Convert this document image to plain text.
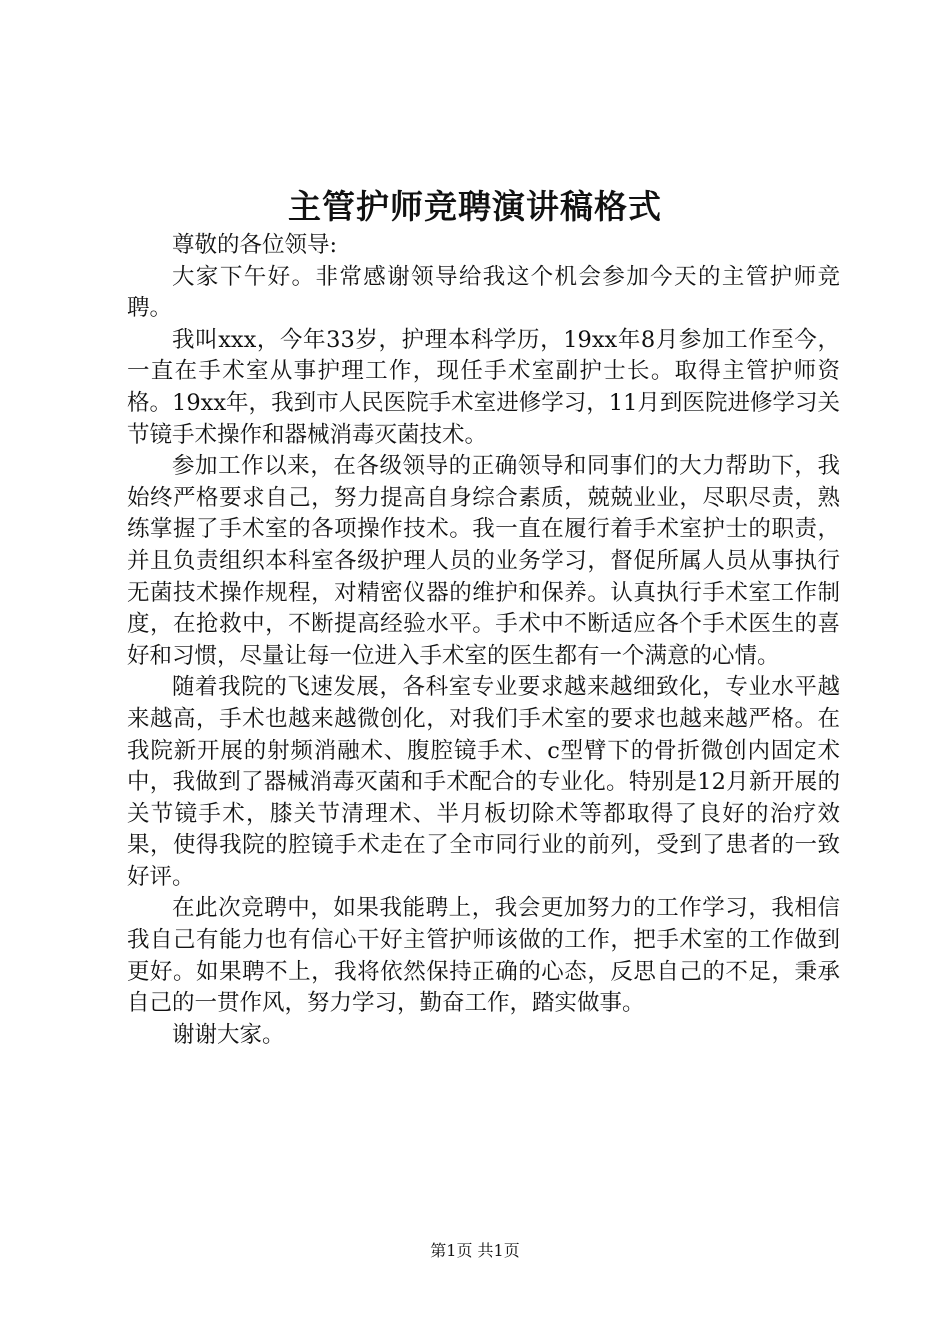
主管护师竞聘演讲稿格式

尊敬的各位领导:

大家下午好。非常感谢领导给我这个机会参加今天的主管护师竞聘。

我叫xxx，今年33岁，护理本科学历，19xx年8月参加工作至今，一直在手术室从事护理工作，现任手术室副护士长。取得主管护师资格。19xx年，我到市人民医院手术室进修学习，11月到医院进修学习关节镜手术操作和器械消毒灭菌技术。

参加工作以来，在各级领导的正确领导和同事们的大力帮助下，我始终严格要求自己，努力提高自身综合素质，兢兢业业，尽职尽责，熟练掌握了手术室的各项操作技术。我一直在履行着手术室护士的职责，并且负责组织本科室各级护理人员的业务学习，督促所属人员从事执行无菌技术操作规程，对精密仪器的维护和保养。认真执行手术室工作制度，在抢救中，不断提高经验水平。手术中不断适应各个手术医生的喜好和习惯，尽量让每一位进入手术室的医生都有一个满意的心情。

随着我院的飞速发展，各科室专业要求越来越细致化，专业水平越来越高，手术也越来越微创化，对我们手术室的要求也越来越严格。在我院新开展的射频消融术、腹腔镜手术、c型臂下的骨折微创内固定术中，我做到了器械消毒灭菌和手术配合的专业化。特别是12月新开展的关节镜手术，膝关节清理术、半月板切除术等都取得了良好的治疗效果，使得我院的腔镜手术走在了全市同行业的前列，受到了患者的一致好评。

在此次竞聘中，如果我能聘上，我会更加努力的工作学习，我相信我自己有能力也有信心干好主管护师该做的工作，把手术室的工作做到更好。如果聘不上，我将依然保持正确的心态，反思自己的不足，秉承自己的一贯作风，努力学习，勤奋工作，踏实做事。

谢谢大家。

第1页 共1页
